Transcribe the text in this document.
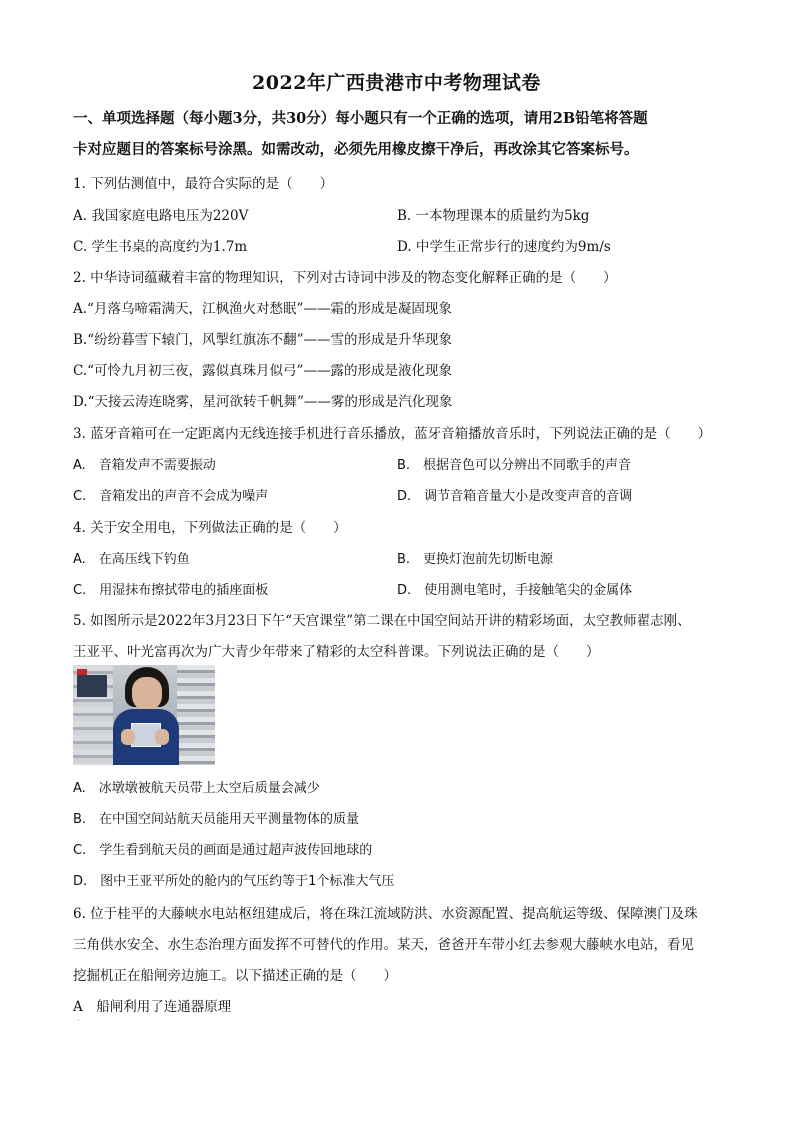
2022年广西贵港市中考物理试卷
一、单项选择题（每小题3分，共30分）每小题只有一个正确的选项，请用2B铅笔将答题
卡对应题目的答案标号涂黑。如需改动，必须先用橡皮擦干净后，再改涂其它答案标号。
1. 下列估测值中，最符合实际的是（　　）
A. 我国家庭电路电压为220V	B. 一本物理课本的质量约为5kg
C. 学生书桌的高度约为1.7m	D. 中学生正常步行的速度约为9m/s
2. 中华诗词蕴藏着丰富的物理知识，下列对古诗词中涉及的物态变化解释正确的是（　　）
A.“月落乌啼霜满天，江枫渔火对愁眠”——霜的形成是凝固现象
B.“纷纷暮雪下辕门，风掣红旗冻不翻”——雪的形成是升华现象
C.“可怜九月初三夜，露似真珠月似弓”——露的形成是液化现象
D.“天接云涛连晓雾，星河欲转千帆舞”——雾的形成是汽化现象
3. 蓝牙音箱可在一定距离内无线连接手机进行音乐播放，蓝牙音箱播放音乐时，下列说法正确的是（　　）
A.　音箱发声不需要振动	B.　根据音色可以分辨出不同歌手的声音
C.　音箱发出的声音不会成为噪声	D.　调节音箱音量大小是改变声音的音调
4. 关于安全用电，下列做法正确的是（　　）
A.　在高压线下钓鱼	B.　更换灯泡前先切断电源
C.　用湿抹布擦拭带电的插座面板	D.　使用测电笔时，手接触笔尖的金属体
5. 如图所示是2022年3月23日下午“天宫课堂”第二课在中国空间站开讲的精彩场面，太空教师翟志刚、
王亚平、叶光富再次为广大青少年带来了精彩的太空科普课。下列说法正确的是（　　）
A.　冰墩墩被航天员带上太空后质量会减少
B.　在中国空间站航天员能用天平测量物体的质量
C.　学生看到航天员的画面是通过超声波传回地球的
D.　图中王亚平所处的舱内的气压约等于1个标准大气压
6. 位于桂平的大藤峡水电站枢纽建成后，将在珠江流域防洪、水资源配置、提高航运等级、保障澳门及珠
三角供水安全、水生态治理方面发挥不可替代的作用。某天，爸爸开车带小红去参观大藤峡水电站，看见
挖掘机正在船闸旁边施工。以下描述正确的是（　　）
A　船闸利用了连通器原理
·
